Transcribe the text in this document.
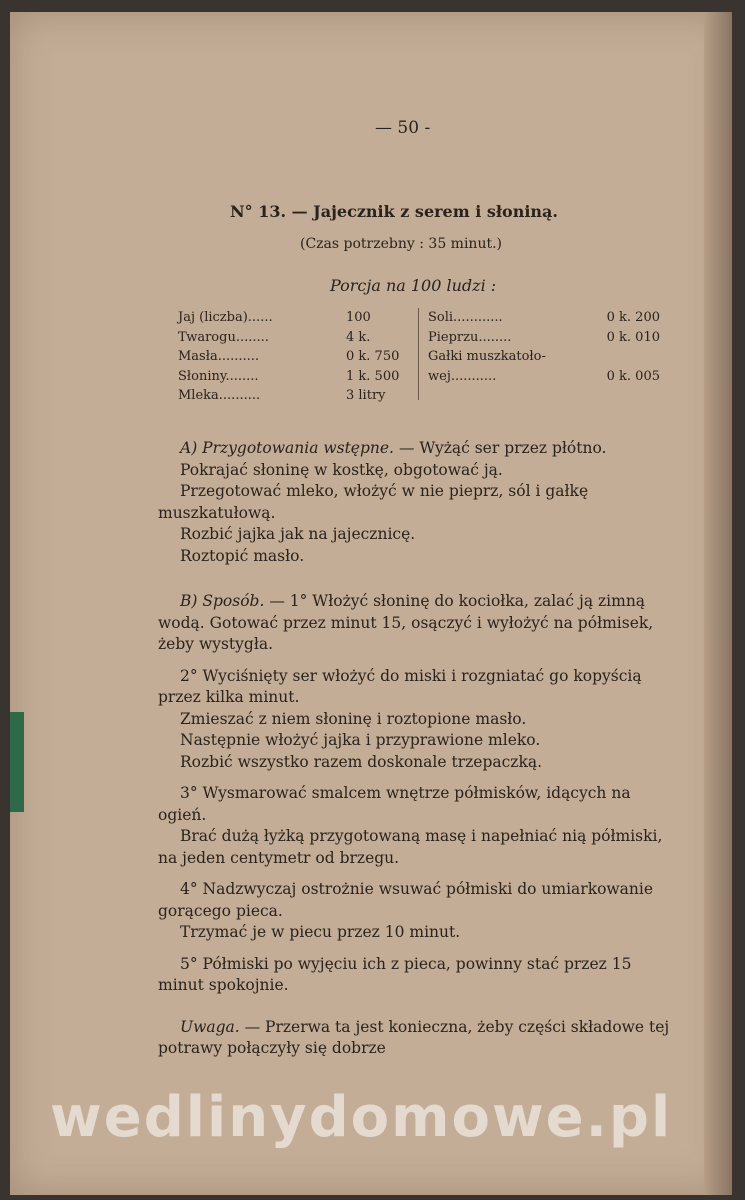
— 50 -
N° 13. — Jajecznik z serem i słoniną.
(Czas potrzebny : 35 minut.)
Porcja na 100 ludzi :
Jaj (liczba)......	100
Twarogu........	4 k.
Masła..........	0 k. 750
Słoniny........	1 k. 500
Mleka..........	3 litry
Soli............	0 k. 200
Pieprzu........	0 k. 010
Gałki muszkatoło-
wej...........	0 k. 005

A) Przygotowania wstępne. — Wyżąć ser przez płótno.

Pokrajać słoninę w kostkę, obgotować ją.

Przegotować mleko, włożyć w nie pieprz, sól i gałkę muszkatułową.

Rozbić jajka jak na jajecznicę.

Roztopić masło.

B) Sposób. — 1° Włożyć słoninę do kociołka, zalać ją zimną wodą. Gotować przez minut 15, osączyć i wyłożyć na półmisek, żeby wystygła.

2° Wyciśnięty ser włożyć do miski i rozgniatać go kopyścią przez kilka minut.

Zmieszać z niem słoninę i roztopione masło.

Następnie włożyć jajka i przyprawione mleko.

Rozbić wszystko razem doskonale trzepaczką.

3° Wysmarować smalcem wnętrze półmisków, idących na ogień.

Brać dużą łyżką przygotowaną masę i napełniać nią półmiski, na jeden centymetr od brzegu.

4° Nadzwyczaj ostrożnie wsuwać półmiski do umiarkowanie gorącego pieca.

Trzymać je w piecu przez 10 minut.

5° Półmiski po wyjęciu ich z pieca, powinny stać przez 15 minut spokojnie.

Uwaga. — Przerwa ta jest konieczna, żeby części składowe tej potrawy połączyły się dobrze

wedlinydomowe.pl
